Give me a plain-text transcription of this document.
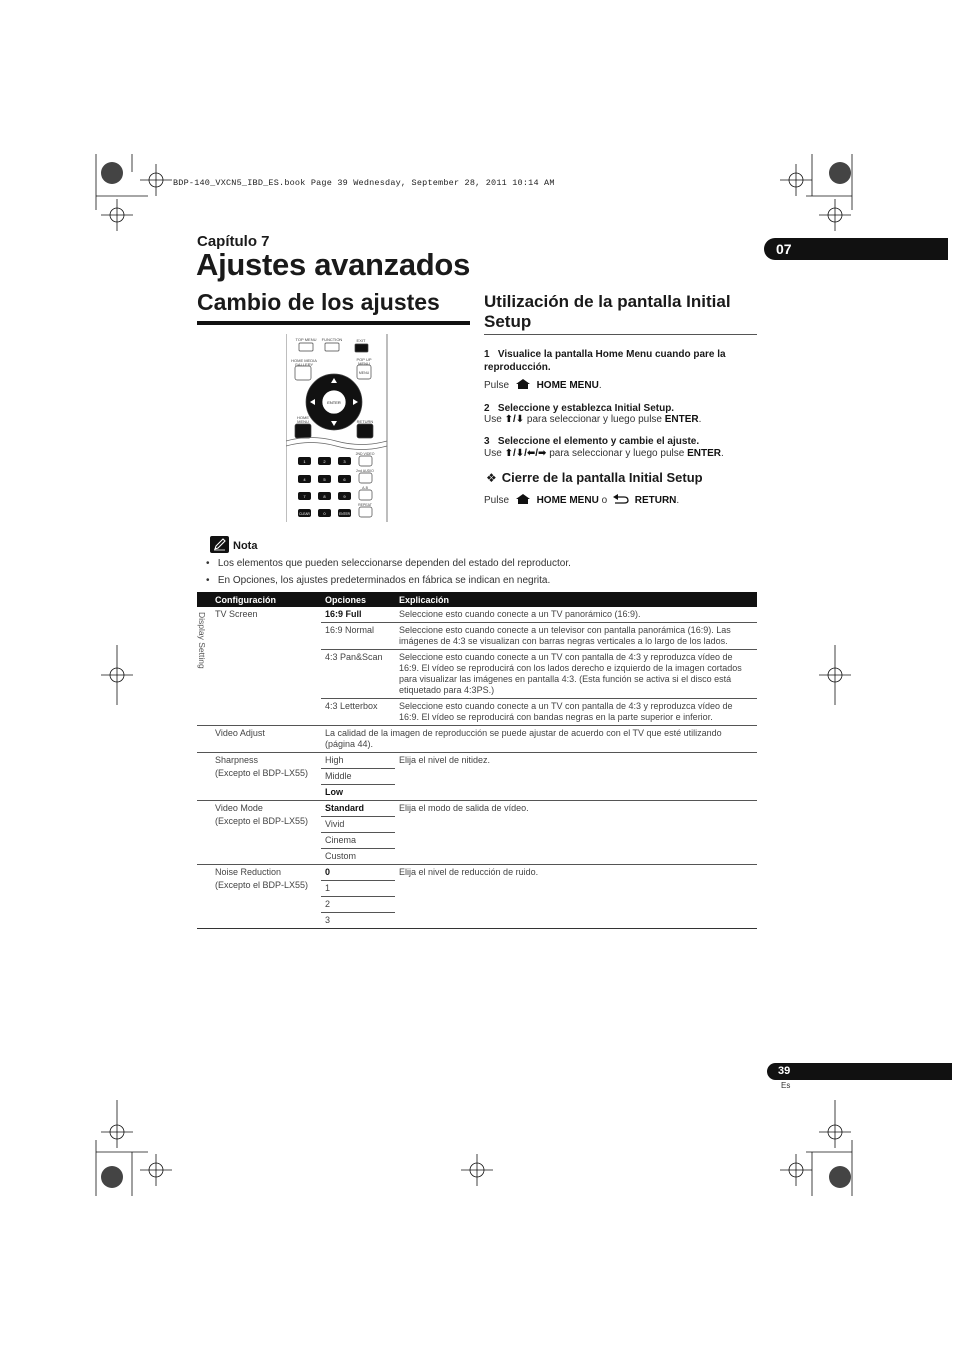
BDP-140_VXCN5_IBD_ES.book Page 39 Wednesday, September 28, 2011 10:14 AM
Capítulo 7
Ajustes avanzados	07
Cambio de los ajustes
TOP MENU FUNCTION	EXIT
HOME MEDIA
GALLERY
POP UP
MENU
MENU
ENTER
HOME
MENU	RETURN
2ND VIDEO
2nd AUDIO
A-B
REPEAT
1	2	3
4	5	6
7	8	9
CLEAR	0	ENTER
Utilización de la pantalla Initial Setup
1 Visualice la pantalla Home Menu cuando pare la reproducción.
Pulse	HOME MENU.
2 Seleccione y establezca Initial Setup.
Use ⬆/⬇ para seleccionar y luego pulse ENTER.
3 Seleccione el elemento y cambie el ajuste.
Use ⬆/⬇/⬅/➡ para seleccionar y luego pulse ENTER.
❖ Cierre de la pantalla Initial Setup
Pulse	HOME MENU o  RETURN.
Nota
•   Los elementos que pueden seleccionarse dependen del estado del reproductor.
•   En Opciones, los ajustes predeterminados en fábrica se indican en negrita.
Display Setting
Configuración	Opciones	Explicación
TV Screen	16:9 Full	Seleccione esto cuando conecte a un TV panorámico (16:9).
	16:9 Normal	Seleccione esto cuando conecte a un televisor con pantalla panorámica (16:9). Las imágenes de 4:3 se visualizan con barras negras verticales a lo largo de los lados.
	4:3 Pan&Scan	Seleccione esto cuando conecte a un TV con pantalla de 4:3 y reproduzca vídeo de 16:9. El vídeo se reproducirá con los lados derecho e izquierdo de la imagen cortados para visualizar las imágenes en pantalla 4:3. (Esta función se activa si el disco está etiquetado para 4:3PS.)
	4:3 Letterbox	Seleccione esto cuando conecte a un TV con pantalla de 4:3 y reproduzca vídeo de 16:9. El vídeo se reproducirá con bandas negras en la parte superior e inferior.
Video Adjust	La calidad de la imagen de reproducción se puede ajustar de acuerdo con el TV que esté utilizando (página 44).	

Sharpness
(Excepto el BDP-LX55)	High	Elija el nivel de nitidez.
	Middle	
	Low	

Video Mode
(Excepto el BDP-LX55)	Standard	Elija el modo de salida de vídeo.
	Vivid	
	Cinema	
	Custom	

Noise Reduction
(Excepto el BDP-LX55)	0	Elija el nivel de reducción de ruido.
	1	
	2	
	3	
39
Es
